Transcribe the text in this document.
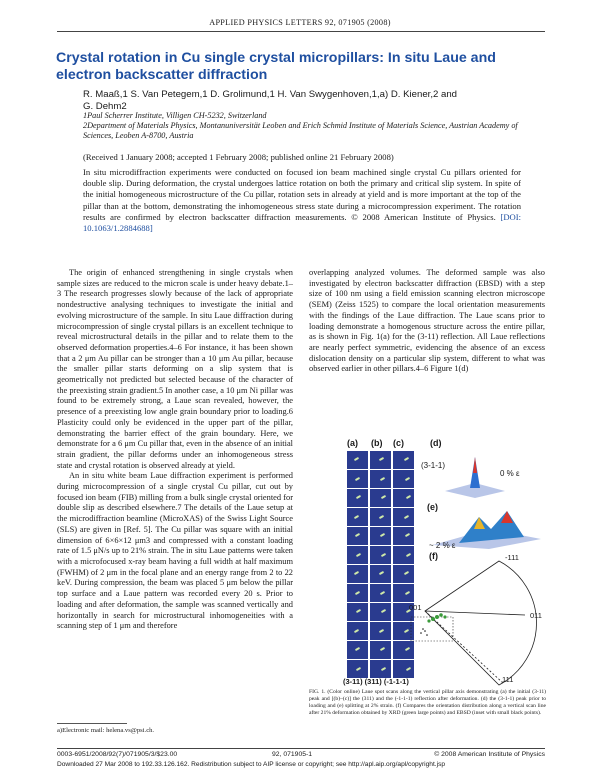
APPLIED PHYSICS LETTERS 92, 071905 (2008)
Crystal rotation in Cu single crystal micropillars: In situ Laue and electron backscatter diffraction
R. Maaß,1 S. Van Petegem,1 D. Grolimund,1 H. Van Swygenhoven,1,a) D. Kiener,2 and G. Dehm2

1Paul Scherrer Institute, Villigen CH-5232, Switzerland

2Department of Materials Physics, Montanuniversität Leoben and Erich Schmid Institute of Materials Science, Austrian Academy of Sciences, Leoben A-8700, Austria

(Received 1 January 2008; accepted 1 February 2008; published online 21 February 2008)
In situ microdiffraction experiments were conducted on focused ion beam machined single crystal Cu pillars oriented for double slip. During deformation, the crystal undergoes lattice rotation on both the primary and critical slip system. In spite of the initial homogeneous microstructure of the Cu pillar, rotation sets in already at yield and is more important at the top of the pillar than at the bottom, demonstrating the inhomogeneous stress state during a microcompression experiment. The rotation results are confirmed by electron backscatter diffraction measurements. © 2008 American Institute of Physics. [DOI: 10.1063/1.2884688]

The origin of enhanced strengthening in single crystals when sample sizes are reduced to the micron scale is under heavy debate.1–3 The research progresses slowly because of the lack of appropriate nondestructive analysing techniques to investigate the initial and evolving microstructure of the sample. In situ Laue diffraction during microcompression of single crystal pillars is an excellent technique to reveal microstructural details in the pillar and to relate them to the observed deformation properties.4–6 For instance, it has been shown that a 2 μm Au pillar can be stronger than a 10 μm Au pillar, because the smaller pillar starts deforming on a slip system that is geometrically not predicted but selected because of the character of the preexisting strain gradient.5 In another case, a 10 μm Ni pillar was found to be extremely strong, a Laue scan revealed, however, the presence of a preexisting low angle grain boundary prior to loading.6 Plasticity could only be evidenced in the upper part of the pillar, demonstrating the barrier effect of the grain boundary. Here, we demonstrate for a 6 μm Cu pillar that, even in the absence of an initial strain gradient, the pillar deforms under an inhomogeneous stress state and crystal rotation is observed already at yield.

An in situ white beam Laue diffraction experiment is performed during microcompression of a single crystal Cu pillar, cut out by focused ion beam (FIB) milling from a bulk single crystal oriented for double slip as described elsewhere.7 The details of the Laue setup at the microdiffraction beamline (MicroXAS) of the Swiss Light Source (SLS) are given in [Ref. 5]. The Cu pillar was square with an initial dimension of 6×6×12 μm3 and compressed with a constant loading rate of 1.5 μN/s up to 21% strain. The in situ Laue patterns were taken with a microfocused x-ray beam having a full width at half maximum (FWHM) of 2 μm in the focal plane and an energy range from 2 to 22 keV. During compression, the beam was placed 5 μm below the pillar top surface and a Laue pattern was recorded every 20 s. Prior to loading and after deformation, the sample was scanned vertically and horizontally in search for microstructural inhomogeneities with a scanning step of 1 μm and therefore

overlapping analyzed volumes. The deformed sample was also investigated by electron backscatter diffraction (EBSD) with a step size of 100 nm using a field emission scanning electron microscope (SEM) (Zeiss 1525) to compare the local orientation measurements with the findings of the Laue diffraction. The Laue scans prior to loading demonstrate a homogenous structure across the entire pillar, as is shown in Fig. 1(a) for the (3-11) reflection. All Laue reflections are nearly perfect symmetric, evidencing the absence of an excess dislocation density on a particular slip system, different to what was observed earlier in other pillars.4–6 Figure 1(d)

(a) (b) (c)	(d)
(3-1-1)
0 % ε
(e)	(3-1-1)
~ 2 % ε
(f)	-111
001
011
111
(3-11) (311) (-1-1-1)
FIG. 1. (Color online) Laue spot scans along the vertical pillar axis demonstrating (a) the initial (3-11) peak and [(b)–(c)] the (311) and the (-1-1-1) reflection after deformation. (d) the (3-1-1) peak prior to loading and (e) splitting at 2% strain. (f) Compares the orientation distribution along a vertical scan line after 21% deformation obtained by XRD (green large points) and EBSD (inset with small black points).
a)Electronic mail: helena.vs@psi.ch.
0003-6951/2008/92(7)/071905/3/$23.00	92, 071905-1	© 2008 American Institute of Physics
Downloaded 27 Mar 2008 to 192.33.126.162. Redistribution subject to AIP license or copyright; see http://apl.aip.org/apl/copyright.jsp
